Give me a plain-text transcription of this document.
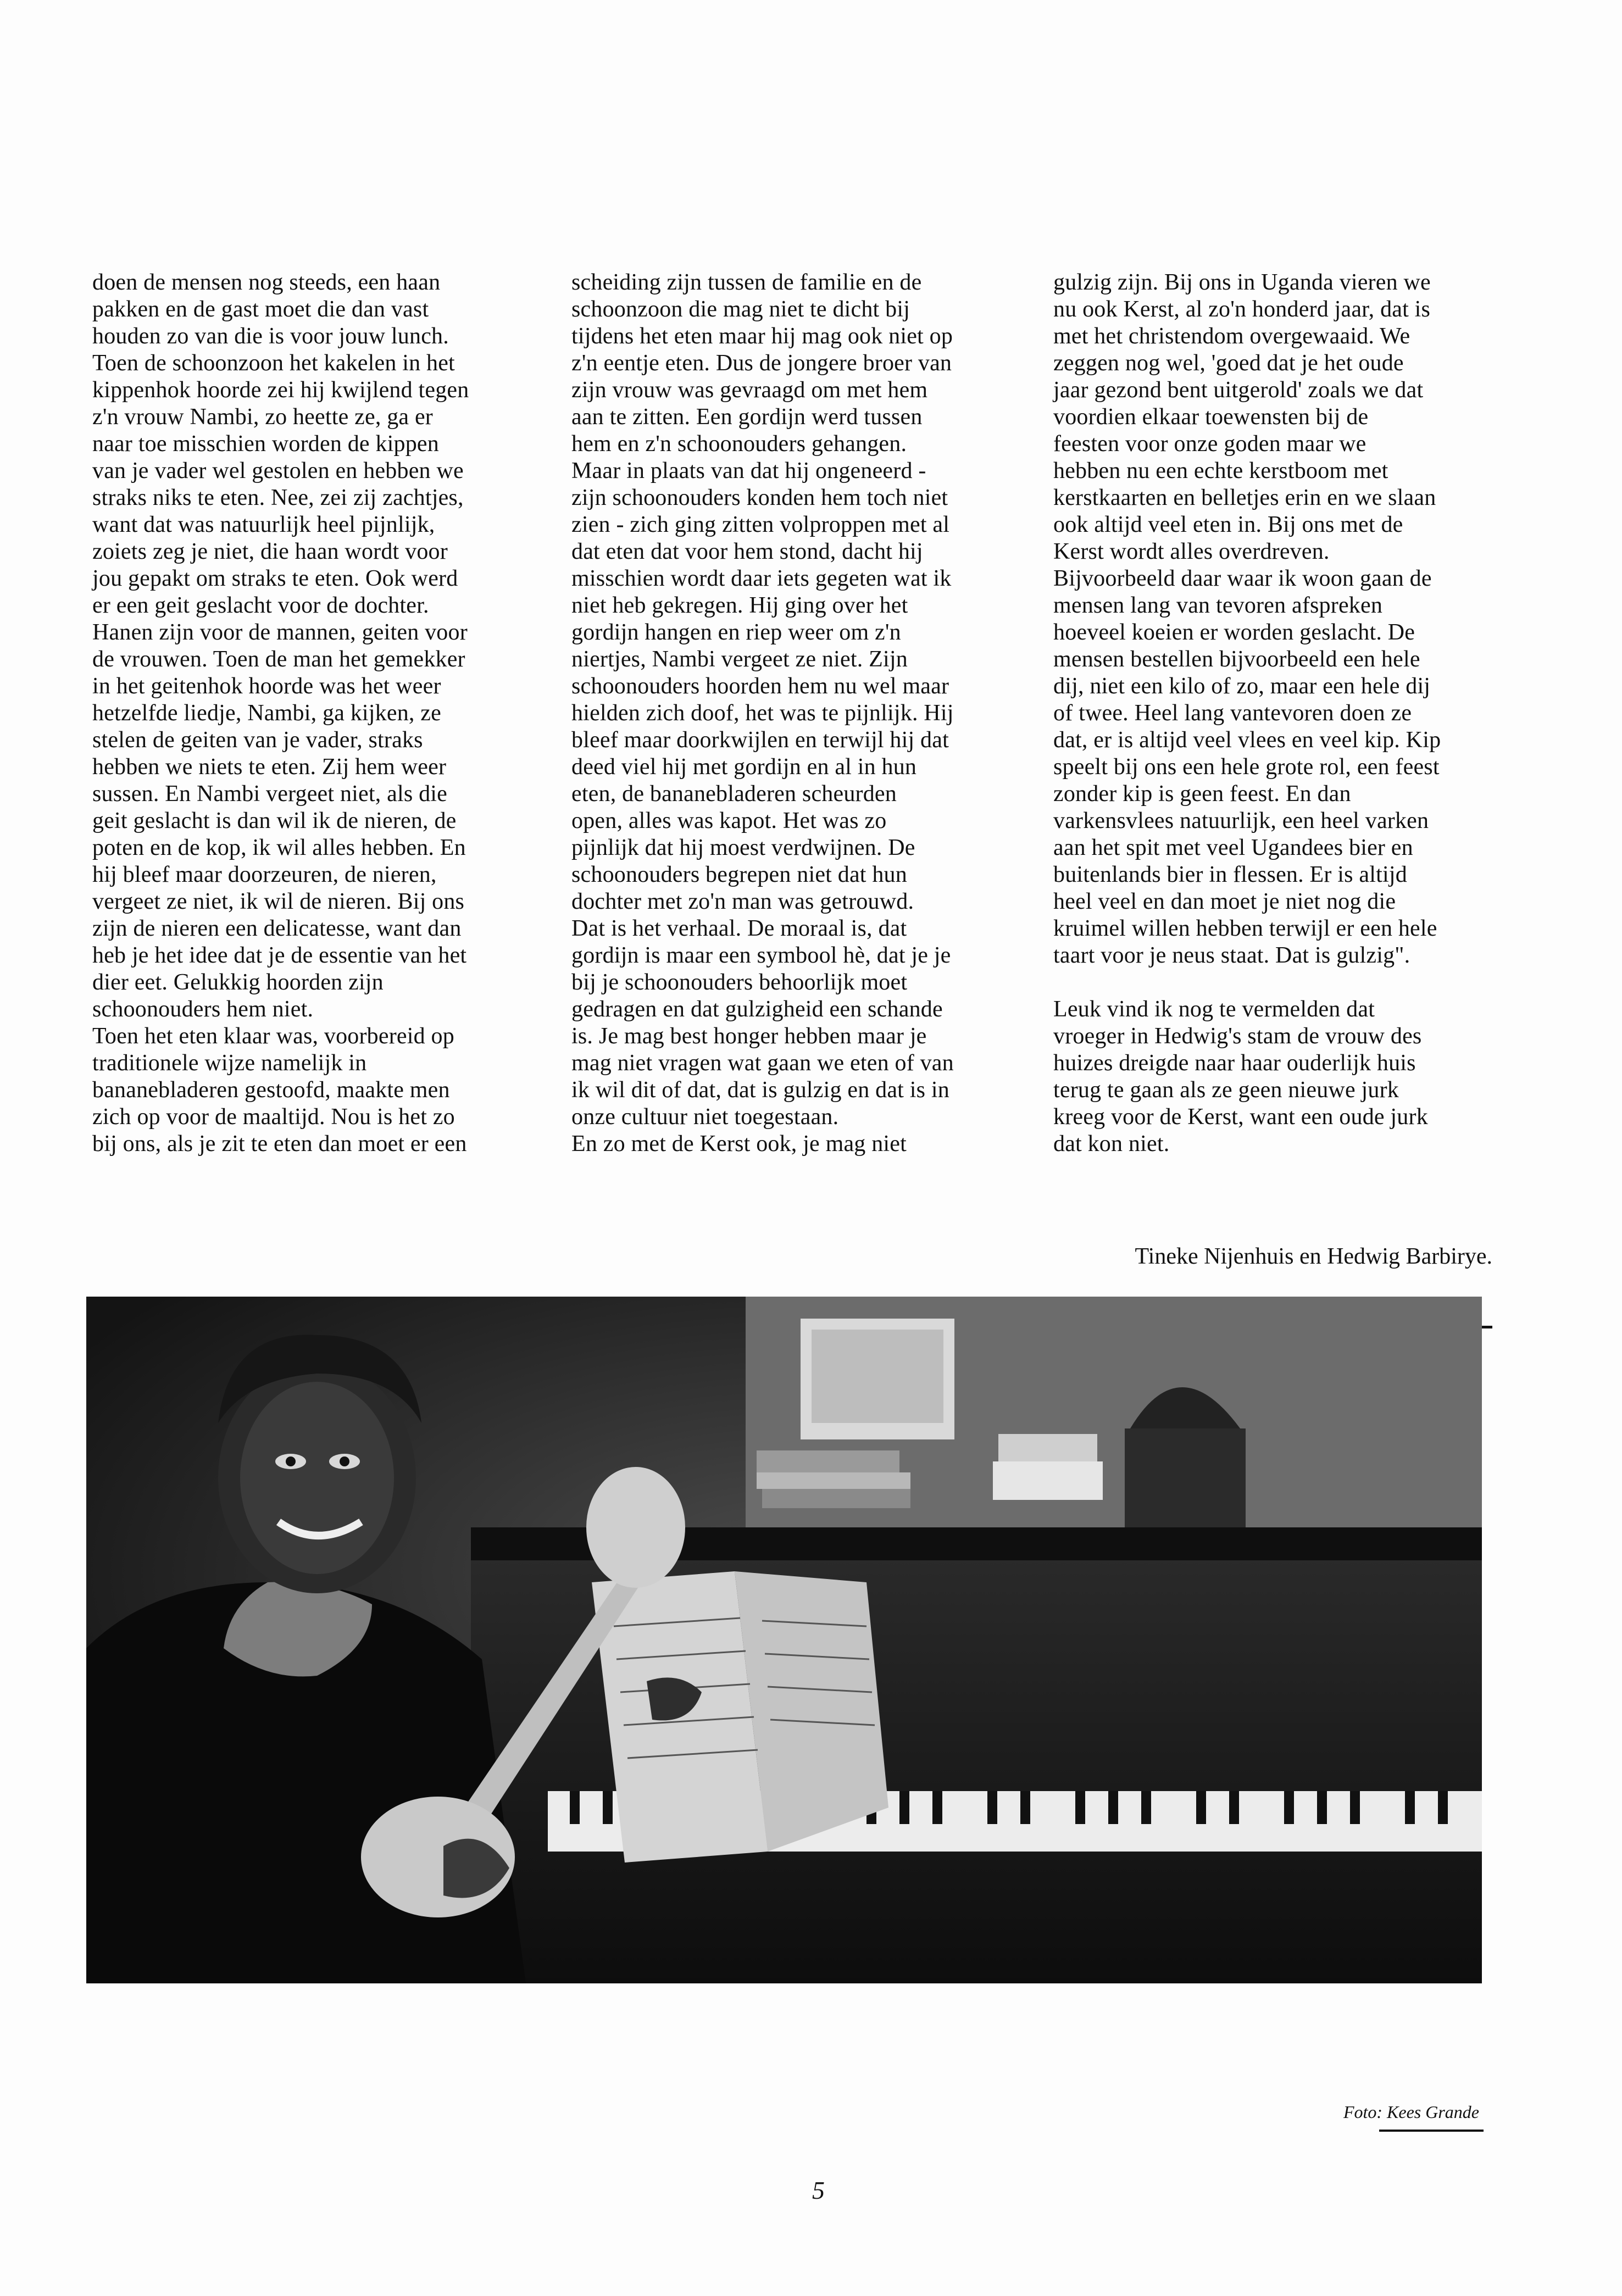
doen de mensen nog steeds, een haan
pakken en de gast moet die dan vast
houden zo van die is voor jouw lunch.
Toen de schoonzoon het kakelen in het
kippenhok hoorde zei hij kwijlend tegen
z'n vrouw Nambi, zo heette ze, ga er
naar toe misschien worden de kippen
van je vader wel gestolen en hebben we
straks niks te eten. Nee, zei zij zachtjes,
want dat was natuurlijk heel pijnlijk,
zoiets zeg je niet, die haan wordt voor
jou gepakt om straks te eten. Ook werd
er een geit geslacht voor de dochter.
Hanen zijn voor de mannen, geiten voor
de vrouwen. Toen de man het gemekker
in het geitenhok hoorde was het weer
hetzelfde liedje, Nambi, ga kijken, ze
stelen de geiten van je vader, straks
hebben we niets te eten. Zij hem weer
sussen. En Nambi vergeet niet, als die
geit geslacht is dan wil ik de nieren, de
poten en de kop, ik wil alles hebben. En
hij bleef maar doorzeuren, de nieren,
vergeet ze niet, ik wil de nieren. Bij ons
zijn de nieren een delicatesse, want dan
heb je het idee dat je de essentie van het
dier eet. Gelukkig hoorden zijn
schoonouders hem niet.
Toen het eten klaar was, voorbereid op
traditionele wijze namelijk in
bananebladeren gestoofd, maakte men
zich op voor de maaltijd. Nou is het zo
bij ons, als je zit te eten dan moet er een
scheiding zijn tussen de familie en de
schoonzoon die mag niet te dicht bij
tijdens het eten maar hij mag ook niet op
z'n eentje eten. Dus de jongere broer van
zijn vrouw was gevraagd om met hem
aan te zitten. Een gordijn werd tussen
hem en z'n schoonouders gehangen.
Maar in plaats van dat hij ongeneerd -
zijn schoonouders konden hem toch niet
zien - zich ging zitten volproppen met al
dat eten dat voor hem stond, dacht hij
misschien wordt daar iets gegeten wat ik
niet heb gekregen. Hij ging over het
gordijn hangen en riep weer om z'n
niertjes, Nambi vergeet ze niet. Zijn
schoonouders hoorden hem nu wel maar
hielden zich doof, het was te pijnlijk. Hij
bleef maar doorkwijlen en terwijl hij dat
deed viel hij met gordijn en al in hun
eten, de bananebladeren scheurden
open, alles was kapot. Het was zo
pijnlijk dat hij moest verdwijnen. De
schoonouders begrepen niet dat hun
dochter met zo'n man was getrouwd.
Dat is het verhaal. De moraal is, dat
gordijn is maar een symbool hè, dat je je
bij je schoonouders behoorlijk moet
gedragen en dat gulzigheid een schande
is. Je mag best honger hebben maar je
mag niet vragen wat gaan we eten of van
ik wil dit of dat, dat is gulzig en dat is in
onze cultuur niet toegestaan.
En zo met de Kerst ook, je mag niet
gulzig zijn. Bij ons in Uganda vieren we
nu ook Kerst, al zo'n honderd jaar, dat is
met het christendom overgewaaid. We
zeggen nog wel, 'goed dat je het oude
jaar gezond bent uitgerold' zoals we dat
voordien elkaar toewensten bij de
feesten voor onze goden maar we
hebben nu een echte kerstboom met
kerstkaarten en belletjes erin en we slaan
ook altijd veel eten in. Bij ons met de
Kerst wordt alles overdreven.
Bijvoorbeeld daar waar ik woon gaan de
mensen lang van tevoren afspreken
hoeveel koeien er worden geslacht. De
mensen bestellen bijvoorbeeld een hele
dij, niet een kilo of zo, maar een hele dij
of twee. Heel lang vantevoren doen ze
dat, er is altijd veel vlees en veel kip. Kip
speelt bij ons een hele grote rol, een feest
zonder kip is geen feest. En dan
varkensvlees natuurlijk, een heel varken
aan het spit met veel Ugandees bier en
buitenlands bier in flessen. Er is altijd
heel veel en dan moet je niet nog die
kruimel willen hebben terwijl er een hele
taart voor je neus staat. Dat is gulzig".

Leuk vind ik nog te vermelden dat
vroeger in Hedwig's stam de vrouw des
huizes dreigde naar haar ouderlijk huis
terug te gaan als ze geen nieuwe jurk
kreeg voor de Kerst, want een oude jurk
dat kon niet.

Tineke Nijenhuis en Hedwig Barbirye.

Foto: Kees Grande
5
